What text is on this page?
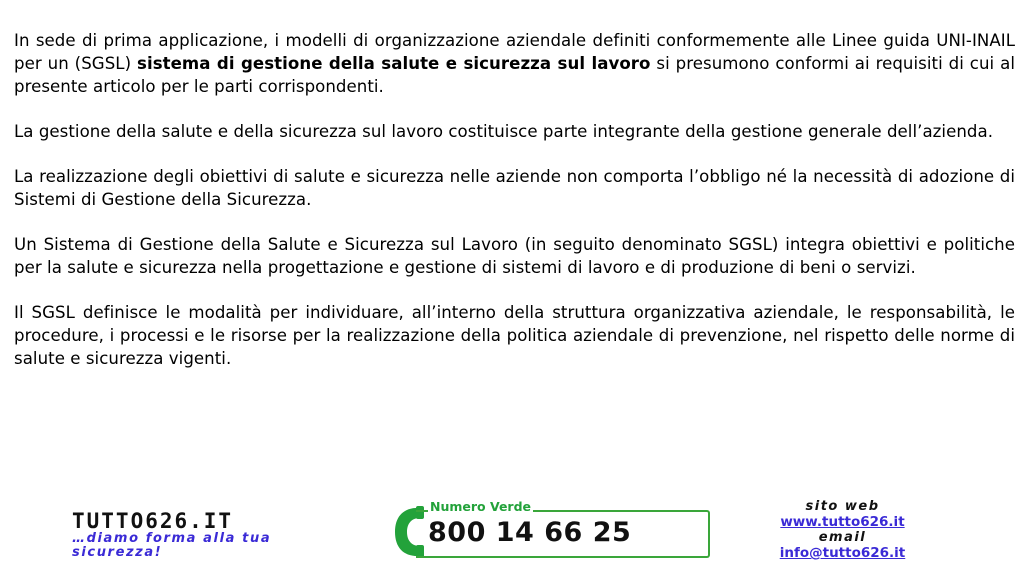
In sede di prima applicazione, i modelli di organizzazione aziendale definiti conformemente alle Linee guida UNI-INAIL per un (SGSL) sistema di gestione della salute e sicurezza sul lavoro si presumono conformi ai requisiti di cui al presente articolo per le parti corrispondenti.

La gestione della salute e della sicurezza sul lavoro costituisce parte integrante della gestione generale dell’azienda.

La realizzazione degli obiettivi di salute e sicurezza nelle aziende non comporta l’obbligo né la necessità di adozione di Sistemi di Gestione della Sicurezza.

Un Sistema di Gestione della Salute e Sicurezza sul Lavoro (in seguito denominato SGSL) integra obiettivi e politiche per la salute e sicurezza nella progettazione e gestione di sistemi di lavoro e di produzione di beni o servizi.

Il SGSL definisce le modalità per individuare, all’interno della struttura organizzativa aziendale, le responsabilità, le procedure, i processi e le risorse per la realizzazione della politica aziendale di prevenzione, nel rispetto delle norme di salute e sicurezza vigenti.

TUTTO626.IT
…diamo forma alla tua
sicurezza!
Numero Verde
800 14 66 25
sito web
www.tutto626.it
email
info@tutto626.it
